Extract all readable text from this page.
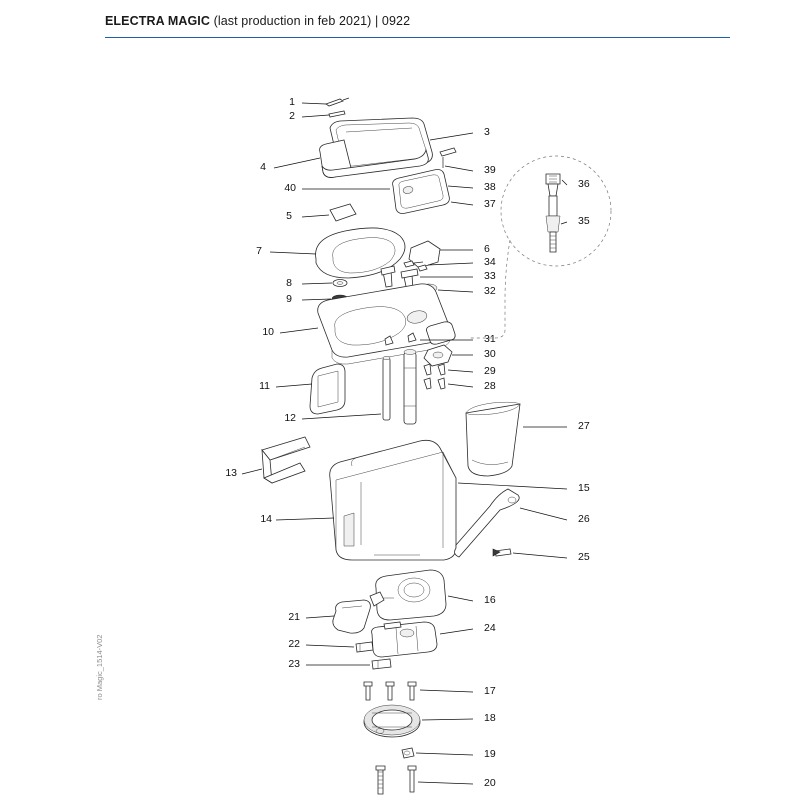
ELECTRA MAGIC (last production in feb 2021) | 0922
ro Magic_1514-V02
3
1
2
4
40
5
7
8
9
10
11
12
13
14
21
22
23
39
38
37
6
34
33
32
31
30
29
28
16
24
17
18
19
20
36
35
27
15
26
25
